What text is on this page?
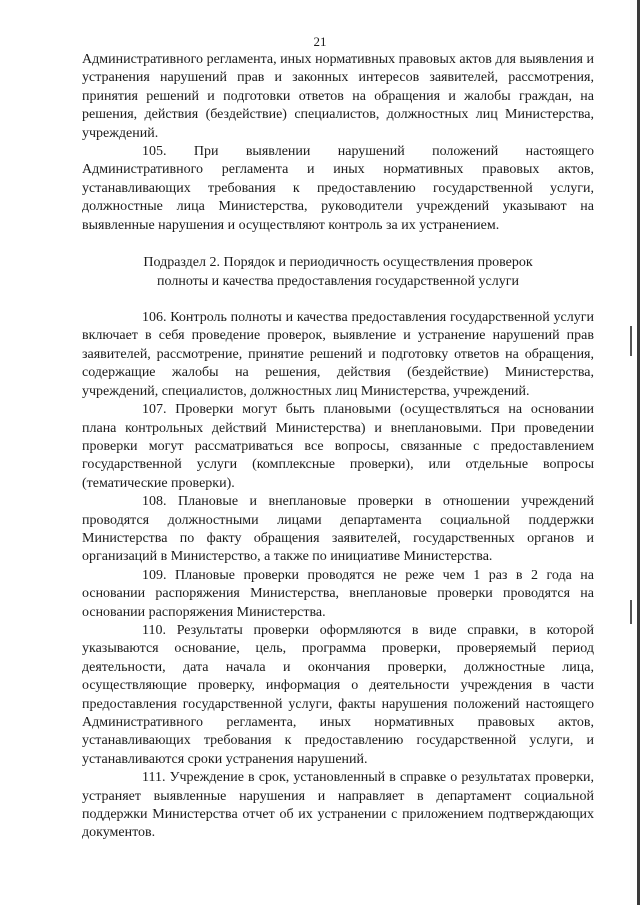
21

Административного регламента, иных нормативных правовых актов для выявления и устранения нарушений прав и законных интересов заявителей, рассмотрения, принятия решений и подготовки ответов на обращения и жалобы граждан, на решения, действия (бездействие) специалистов, должностных лиц Министерства, учреждений.

105. При выявлении нарушений положений настоящего Административного регламента и иных нормативных правовых актов, устанавливающих требования к предоставлению государственной услуги, должностные лица Министерства, руководители учреждений указывают на выявленные нарушения и осуществляют контроль за их устранением.

Подраздел 2. Порядок и периодичность осуществления проверок
полноты и качества предоставления государственной услуги

106. Контроль полноты и качества предоставления государственной услуги включает в себя проведение проверок, выявление и устранение нарушений прав заявителей, рассмотрение, принятие решений и подготовку ответов на обращения, содержащие жалобы на решения, действия (бездействие) Министерства, учреждений, специалистов, должностных лиц Министерства, учреждений.

107. Проверки могут быть плановыми (осуществляться на основании плана контрольных действий Министерства) и внеплановыми. При проведении проверки могут рассматриваться все вопросы, связанные с предоставлением государственной услуги (комплексные проверки), или отдельные вопросы (тематические проверки).

108. Плановые и внеплановые проверки в отношении учреждений проводятся должностными лицами департамента социальной поддержки Министерства по факту обращения заявителей, государственных органов и организаций в Министерство, а также по инициативе Министерства.

109. Плановые проверки проводятся не реже чем 1 раз в 2 года на основании распоряжения Министерства, внеплановые проверки проводятся на основании распоряжения Министерства.

110. Результаты проверки оформляются в виде справки, в которой указываются основание, цель, программа проверки, проверяемый период деятельности, дата начала и окончания проверки, должностные лица, осуществляющие проверку, информация о деятельности учреждения в части предоставления государственной услуги, факты нарушения положений настоящего Административного регламента, иных нормативных правовых актов, устанавливающих требования к предоставлению государственной услуги, и устанавливаются сроки устранения нарушений.

111. Учреждение в срок, установленный в справке о результатах проверки, устраняет выявленные нарушения и направляет в департамент социальной поддержки Министерства отчет об их устранении с приложением подтверждающих документов.
